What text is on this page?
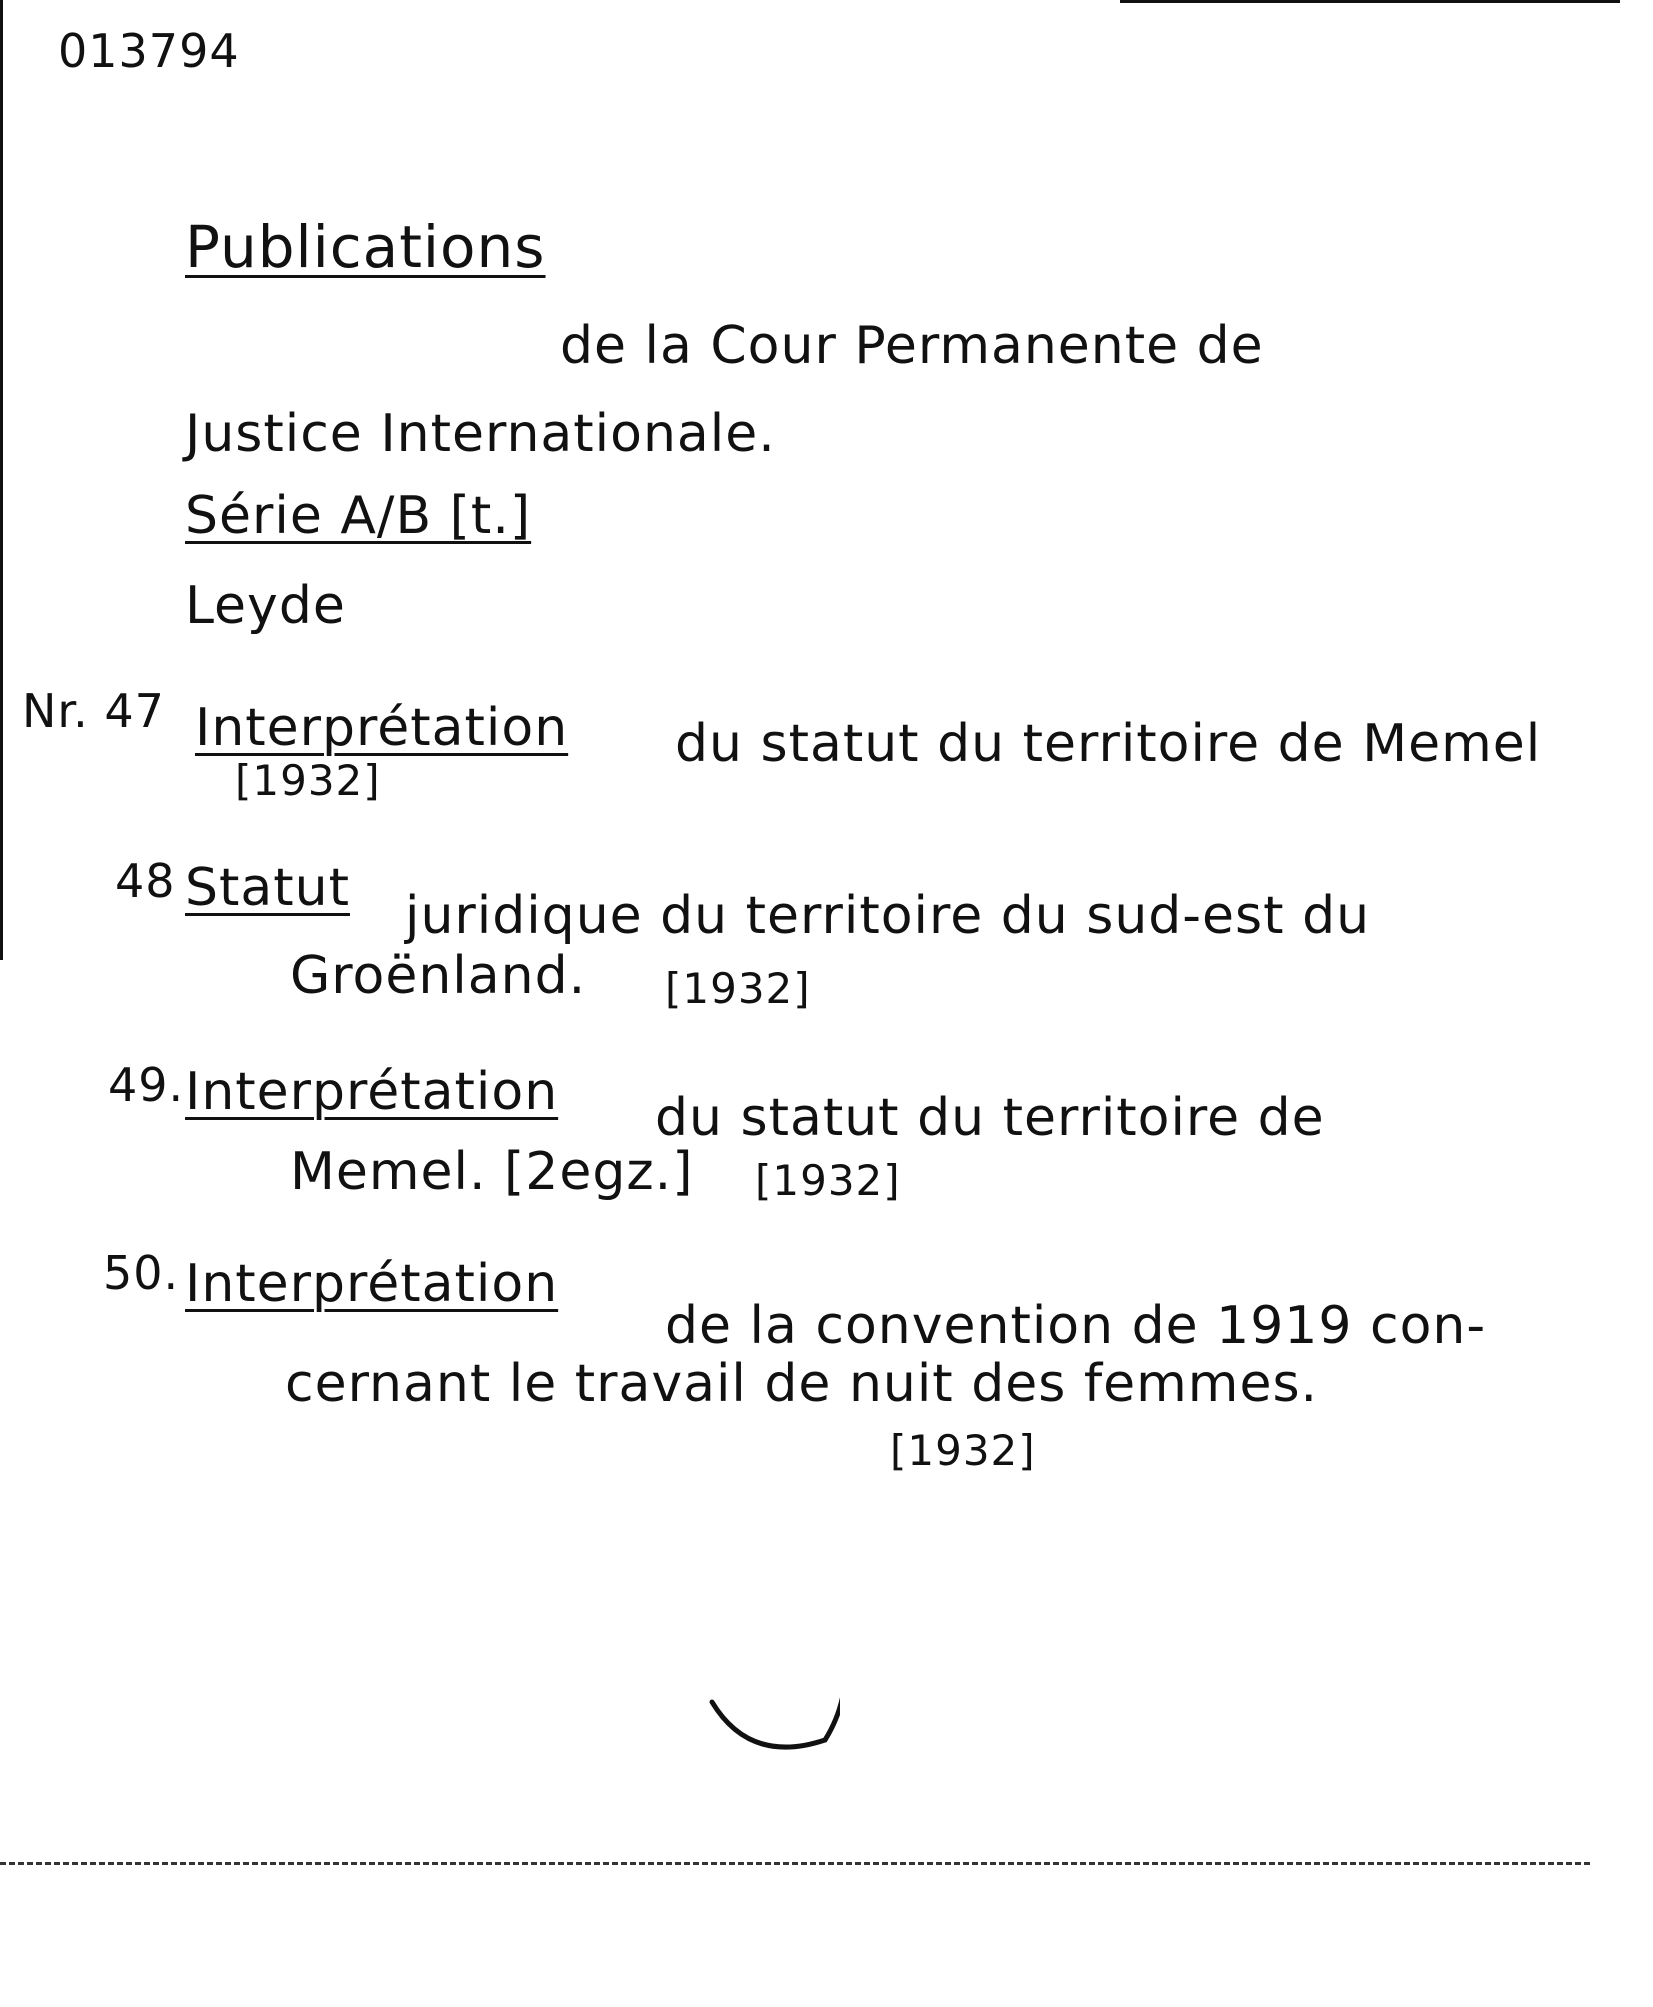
013794
Publications
de la Cour Permanente de
Justice Internationale.
Série A/B [t.]
Leyde
Nr. 47 Interprétation du statut du territoire de Memel
[1932]
48 Statut juridique du territoire du sud-est du
Groënland. [1932]
49. Interprétation du statut du territoire de
Memel. [2egz.] [1932]
50. Interprétation
de la convention de 1919 con-
cernant le travail de nuit des femmes.
[1932]
